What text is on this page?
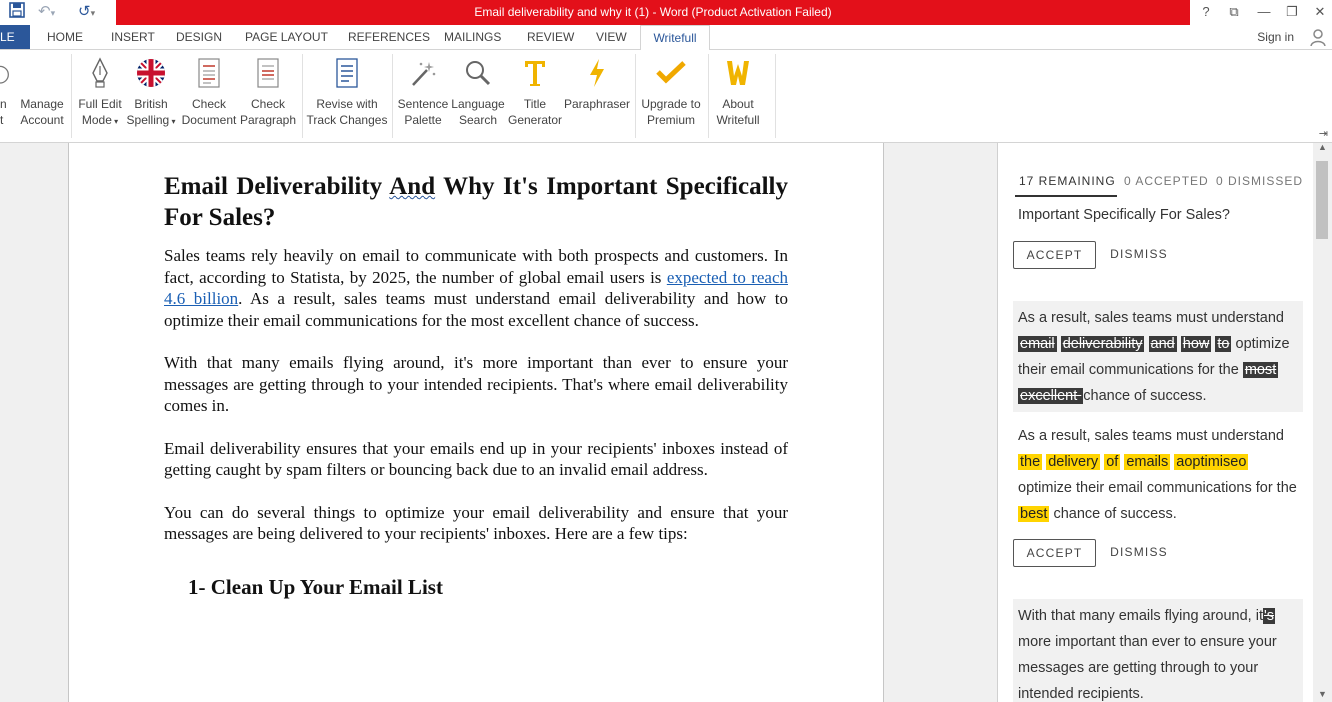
↶▾ ↺▾	Email deliverability and why it (1) - Word (Product Activation Failed)	?	⧉	—	❐	✕
LE	HOME INSERT DESIGN PAGE LAYOUT REFERENCES MAILINGS REVIEW VIEW	Writefull	Sign in
n
t
Manage
Account
Full Edit
Mode ▾
British
Spelling ▾
Check
Document
Check
Paragraph
Revise with
Track Changes
Sentence
Palette
Language
Search
Title
Generator
Paraphraser Upgrade to
Premium
About
Writefull
⇥
Email Deliverability And Why It's Important Specifically For Sales?

Sales teams rely heavily on email to communicate with both prospects and customers. In fact, according to Statista, by 2025, the number of global email users is expected to reach 4.6 billion. As a result, sales teams must understand email deliverability and how to optimize their email communications for the most excellent chance of success.

With that many emails flying around, it's more important than ever to ensure your messages are getting through to your intended recipients. That's where email deliverability comes in.

Email deliverability ensures that your emails end up in your recipients' inboxes instead of getting caught by spam filters or bouncing back due to an invalid email address.

You can do several things to optimize your email deliverability and ensure that your messages are being delivered to your recipients' inboxes. Here are a few tips:

1- Clean Up Your Email List
17 REMAINING 0 ACCEPTED 0 DISMISSED
Important Specifically For Sales?
ACCEPT	DISMISS
As a result, sales teams must understand email deliverability and how to optimize their email communications for the most excellent chance of success.
As a result, sales teams must understand the delivery of emails aoptimiseo optimize their email communications for the best chance of success.
ACCEPT	DISMISS
With that many emails flying around, it's more important than ever to ensure your messages are getting through to your intended recipients.
▲
▼
